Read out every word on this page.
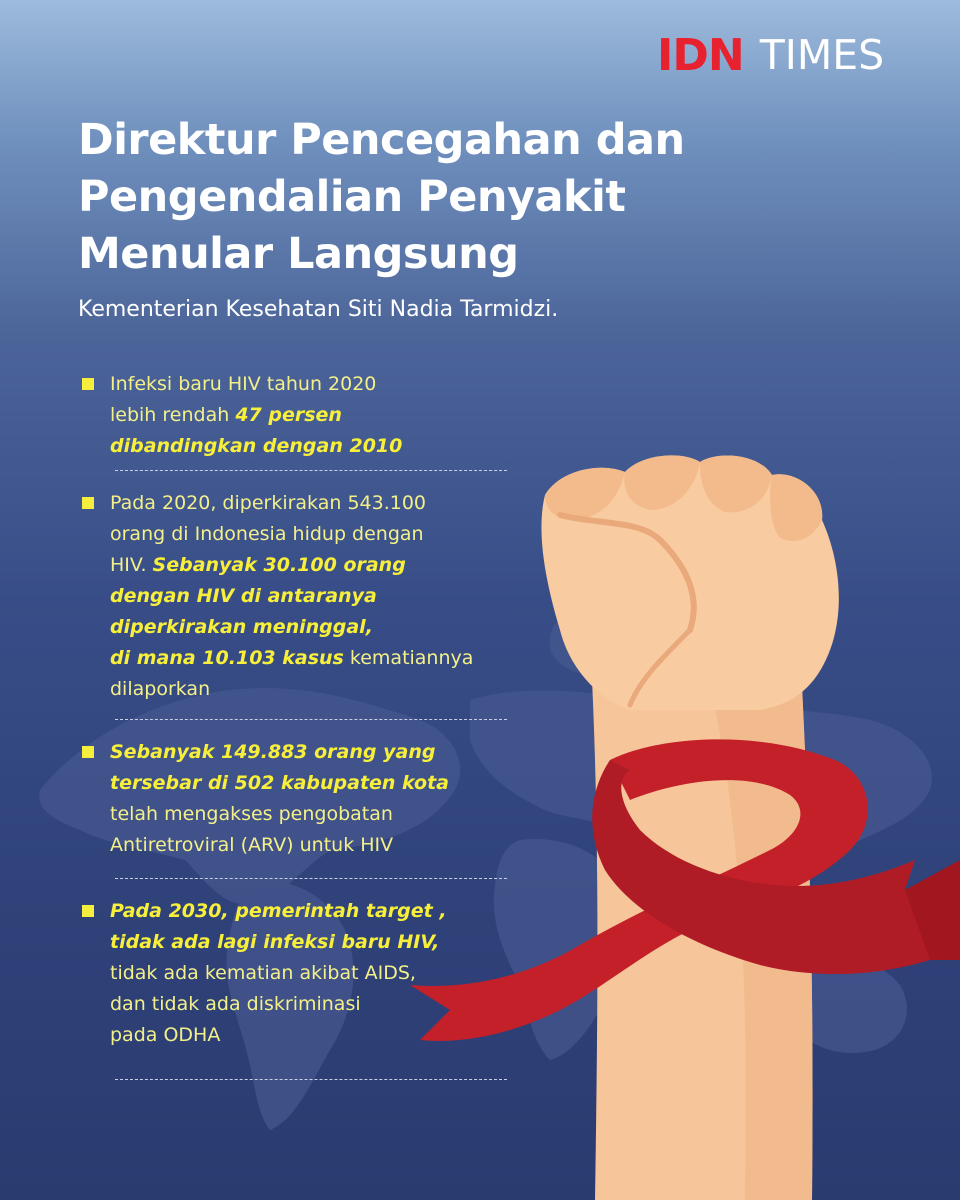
IDN TIMES
Direktur Pencegahan dan
Pengendalian Penyakit
Menular Langsung

Kementerian Kesehatan Siti Nadia Tarmidzi.

Infeksi baru HIV tahun 2020
lebih rendah 47 persen
dibandingkan dengan 2010
Pada 2020, diperkirakan 543.100
orang di Indonesia hidup dengan
HIV. Sebanyak 30.100 orang
dengan HIV di antaranya
diperkirakan meninggal,
di mana 10.103 kasus kematiannya
dilaporkan
Sebanyak 149.883 orang yang
tersebar di 502 kabupaten kota
telah mengakses pengobatan
Antiretroviral (ARV) untuk HIV
Pada 2030, pemerintah target ,
tidak ada lagi infeksi baru HIV,
tidak ada kematian akibat AIDS,
dan tidak ada diskriminasi
pada ODHA
